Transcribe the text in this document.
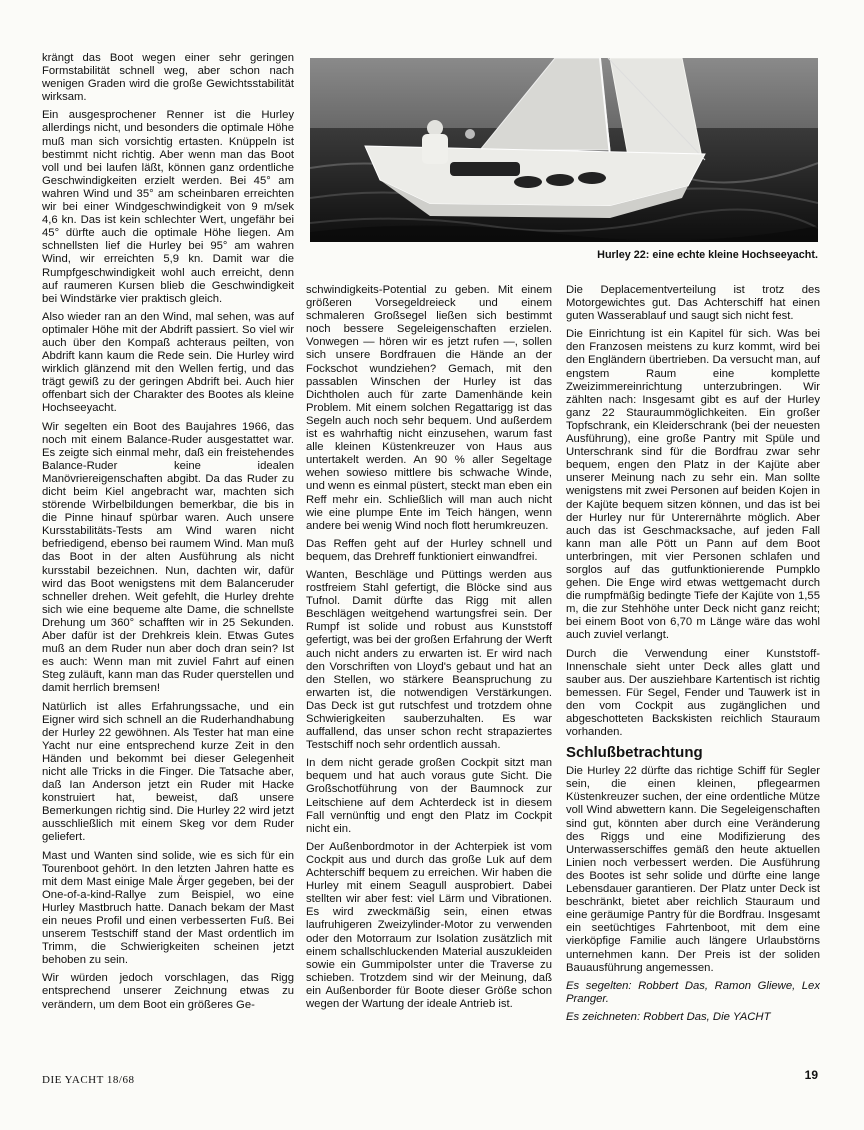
krängt das Boot wegen einer sehr geringen Formstabilität schnell weg, aber schon nach wenigen Graden wird die große Gewichtsstabilität wirksam.

Ein ausgesprochener Renner ist die Hurley allerdings nicht, und besonders die optimale Höhe muß man sich vorsichtig ertasten. Knüppeln ist bestimmt nicht richtig. Aber wenn man das Boot voll und bei laufen läßt, können ganz ordentliche Geschwindigkeiten erzielt werden. Bei 45° am wahren Wind und 35° am scheinbaren erreichten wir bei einer Windgeschwindigkeit von 9 m/sek 4,6 kn. Das ist kein schlechter Wert, ungefähr bei 45° dürfte auch die optimale Höhe liegen. Am schnellsten lief die Hurley bei 95° am wahren Wind, wir erreichten 5,9 kn. Damit war die Rumpfgeschwindigkeit wohl auch erreicht, denn auf raumeren Kursen blieb die Geschwindigkeit bei Windstärke vier praktisch gleich.

Also wieder ran an den Wind, mal sehen, was auf optimaler Höhe mit der Abdrift passiert. So viel wir auch über den Kompaß achteraus peilten, von Abdrift kann kaum die Rede sein. Die Hurley wird wirklich glänzend mit den Wellen fertig, und das trägt gewiß zu der geringen Abdrift bei. Auch hier offenbart sich der Charakter des Bootes als kleine Hochseeyacht.

Wir segelten ein Boot des Baujahres 1966, das noch mit einem Balance-Ruder ausgestattet war. Es zeigte sich einmal mehr, daß ein freistehendes Balance-Ruder keine idealen Manövriereigenschaften abgibt. Da das Ruder zu dicht beim Kiel angebracht war, machten sich störende Wirbelbildungen bemerkbar, die bis in die Pinne hinauf spürbar waren. Auch unsere Kursstabilitäts-Tests am Wind waren nicht befriedigend, ebenso bei raumem Wind. Man muß das Boot in der alten Ausführung als nicht kursstabil bezeichnen. Nun, dachten wir, dafür wird das Boot wenigstens mit dem Balanceruder schneller drehen. Weit gefehlt, die Hurley drehte sich wie eine bequeme alte Dame, die schnellste Drehung um 360° schafften wir in 25 Sekunden. Aber dafür ist der Drehkreis klein. Etwas Gutes muß an dem Ruder nun aber doch dran sein? Ist es auch: Wenn man mit zuviel Fahrt auf einen Steg zuläuft, kann man das Ruder querstellen und damit herrlich bremsen!

Natürlich ist alles Erfahrungssache, und ein Eigner wird sich schnell an die Ruderhandhabung der Hurley 22 gewöhnen. Als Tester hat man eine Yacht nur eine entsprechend kurze Zeit in den Händen und bekommt bei dieser Gelegenheit nicht alle Tricks in die Finger. Die Tatsache aber, daß Ian Anderson jetzt ein Ruder mit Hacke konstruiert hat, beweist, daß unsere Bemerkungen richtig sind. Die Hurley 22 wird jetzt ausschließlich mit einem Skeg vor dem Ruder geliefert.

Mast und Wanten sind solide, wie es sich für ein Tourenboot gehört. In den letzten Jahren hatte es mit dem Mast einige Male Ärger gegeben, bei der One-of-a-kind-Rallye zum Beispiel, wo eine Hurley Mastbruch hatte. Danach bekam der Mast ein neues Profil und einen verbesserten Fuß. Bei unserem Testschiff stand der Mast ordentlich im Trimm, die Schwierigkeiten scheinen jetzt behoben zu sein.

Wir würden jedoch vorschlagen, das Rigg entsprechend unserer Zeichnung etwas zu verändern, um dem Boot ein größeres Ge-

Hurley 22: eine echte kleine Hochseeyacht.

schwindigkeits-Potential zu geben. Mit einem größeren Vorsegeldreieck und einem schmaleren Großsegel ließen sich bestimmt noch bessere Segeleigenschaften erzielen. Vonwegen — hören wir es jetzt rufen —, sollen sich unsere Bordfrauen die Hände an der Fockschot wundziehen? Gemach, mit den passablen Winschen der Hurley ist das Dichtholen auch für zarte Damenhände kein Problem. Mit einem solchen Regattarigg ist das Segeln auch noch sehr bequem. Und außerdem ist es wahrhaftig nicht einzusehen, warum fast alle kleinen Küstenkreuzer von Haus aus untertakelt werden. An 90 % aller Segeltage wehen sowieso mittlere bis schwache Winde, und wenn es einmal püstert, steckt man eben ein Reff mehr ein. Schließlich will man auch nicht wie eine plumpe Ente im Teich hängen, wenn andere bei wenig Wind noch flott herumkreuzen.

Das Reffen geht auf der Hurley schnell und bequem, das Drehreff funktioniert einwandfrei.

Wanten, Beschläge und Püttings werden aus rostfreiem Stahl gefertigt, die Blöcke sind aus Tufnol. Damit dürfte das Rigg mit allen Beschlägen weitgehend wartungsfrei sein. Der Rumpf ist solide und robust aus Kunststoff gefertigt, was bei der großen Erfahrung der Werft auch nicht anders zu erwarten ist. Er wird nach den Vorschriften von Lloyd's gebaut und hat an den Stellen, wo stärkere Beanspruchung zu erwarten ist, die notwendigen Verstärkungen. Das Deck ist gut rutschfest und trotzdem ohne Schwierigkeiten sauberzuhalten. Es war auffallend, das unser schon recht strapaziertes Testschiff noch sehr ordentlich aussah.

In dem nicht gerade großen Cockpit sitzt man bequem und hat auch voraus gute Sicht. Die Großschotführung von der Baumnock zur Leitschiene auf dem Achterdeck ist in diesem Fall vernünftig und engt den Platz im Cockpit nicht ein.

Der Außenbordmotor in der Achterpiek ist vom Cockpit aus und durch das große Luk auf dem Achterschiff bequem zu erreichen. Wir haben die Hurley mit einem Seagull ausprobiert. Dabei stellten wir aber fest: viel Lärm und Vibrationen. Es wird zweckmäßig sein, einen etwas laufruhigeren Zweizylinder-Motor zu verwenden oder den Motorraum zur Isolation zusätzlich mit einem schallschluckenden Material auszukleiden sowie ein Gummipolster unter die Traverse zu schieben. Trotzdem sind wir der Meinung, daß ein Außenborder für Boote dieser Größe schon wegen der Wartung der ideale Antrieb ist.

Die Deplacementverteilung ist trotz des Motorgewichtes gut. Das Achterschiff hat einen guten Wasserablauf und saugt sich nicht fest.

Die Einrichtung ist ein Kapitel für sich. Was bei den Franzosen meistens zu kurz kommt, wird bei den Engländern übertrieben. Da versucht man, auf engstem Raum eine komplette Zweizimmereinrichtung unterzubringen. Wir zählten nach: Insgesamt gibt es auf der Hurley ganz 22 Stauraummöglichkeiten. Ein großer Topfschrank, ein Kleiderschrank (bei der neuesten Ausführung), eine große Pantry mit Spüle und Unterschrank sind für die Bordfrau zwar sehr bequem, engen den Platz in der Kajüte aber unserer Meinung nach zu sehr ein. Man sollte wenigstens mit zwei Personen auf beiden Kojen in der Kajüte bequem sitzen können, und das ist bei der Hurley nur für Unterernährte möglich. Aber auch das ist Geschmacksache, auf jeden Fall kann man alle Pött un Pann auf dem Boot unterbringen, mit vier Personen schlafen und sorglos auf das gutfunktionierende Pumpklo gehen. Die Enge wird etwas wettgemacht durch die rumpfmäßig bedingte Tiefe der Kajüte von 1,55 m, die zur Stehhöhe unter Deck nicht ganz reicht; bei einem Boot von 6,70 m Länge wäre das wohl auch zuviel verlangt.

Durch die Verwendung einer Kunststoff-Innenschale sieht unter Deck alles glatt und sauber aus. Der ausziehbare Kartentisch ist richtig bemessen. Für Segel, Fender und Tauwerk ist in den vom Cockpit aus zugänglichen und abgeschotteten Backskisten reichlich Stauraum vorhanden.

Schlußbetrachtung

Die Hurley 22 dürfte das richtige Schiff für Segler sein, die einen kleinen, pflegearmen Küstenkreuzer suchen, der eine ordentliche Mütze voll Wind abwettern kann. Die Segeleigenschaften sind gut, könnten aber durch eine Veränderung des Riggs und eine Modifizierung des Unterwasserschiffes gemäß den heute aktuellen Linien noch verbessert werden. Die Ausführung des Bootes ist sehr solide und dürfte eine lange Lebensdauer garantieren. Der Platz unter Deck ist beschränkt, bietet aber reichlich Stauraum und eine geräumige Pantry für die Bordfrau. Insgesamt ein seetüchtiges Fahrtenboot, mit dem eine vierköpfige Familie auch längere Urlaubstörns unternehmen kann. Der Preis ist der soliden Bauausführung angemessen.

Es segelten: Robbert Das, Ramon Gliewe, Lex Pranger.

Es zeichneten: Robbert Das, Die YACHT

DIE YACHT 18/68	19
